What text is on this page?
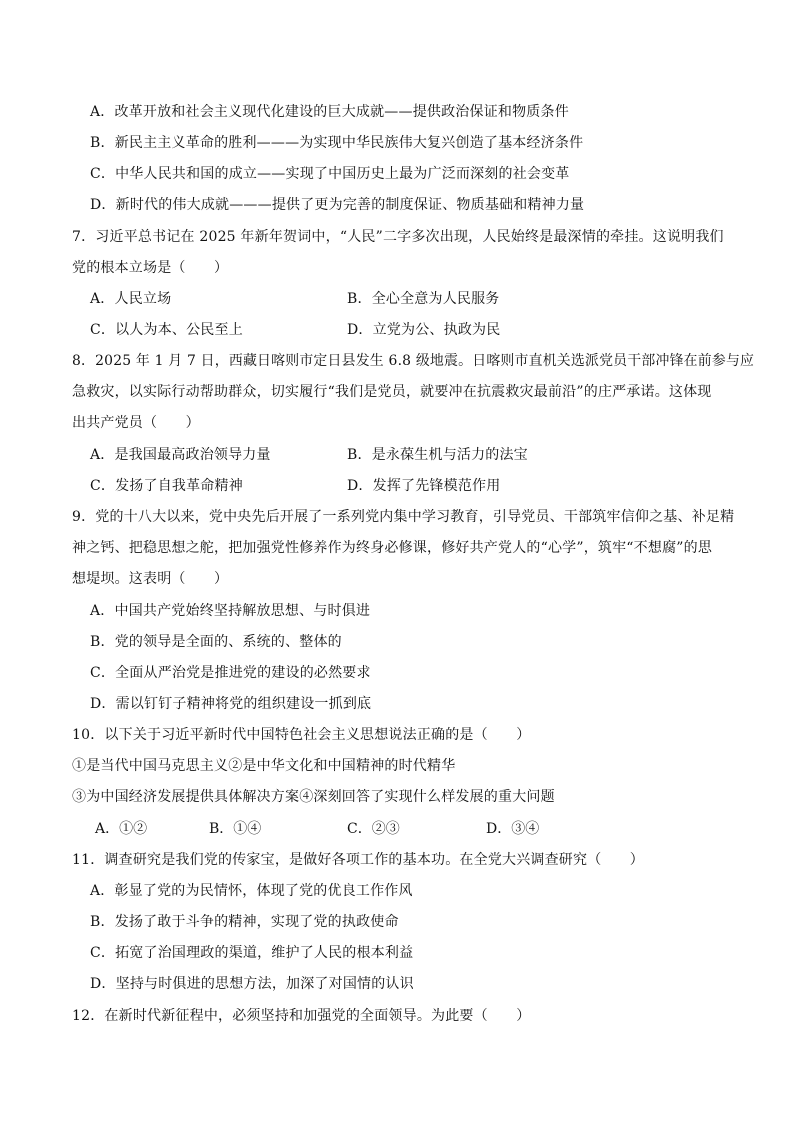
A．改革开放和社会主义现代化建设的巨大成就——提供政治保证和物质条件
B．新民主主义革命的胜利———为实现中华民族伟大复兴创造了基本经济条件
C．中华人民共和国的成立——实现了中国历史上最为广泛而深刻的社会变革
D．新时代的伟大成就———提供了更为完善的制度保证、物质基础和精神力量
7．习近平总书记在 2025 年新年贺词中，“人民”二字多次出现，人民始终是最深情的牵挂。这说明我们
党的根本立场是（　　）
A．人民立场	B．全心全意为人民服务
C．以人为本、公民至上	D．立党为公、执政为民
8．2025 年 1 月 7 日，西藏日喀则市定日县发生 6.8 级地震。日喀则市直机关选派党员干部冲锋在前参与应
急救灾，以实际行动帮助群众，切实履行“我们是党员，就要冲在抗震救灾最前沿”的庄严承诺。这体现
出共产党员（　　）
A．是我国最高政治领导力量	B．是永葆生机与活力的法宝
C．发扬了自我革命精神	D．发挥了先锋模范作用
9．党的十八大以来，党中央先后开展了一系列党内集中学习教育，引导党员、干部筑牢信仰之基、补足精
神之钙、把稳思想之舵，把加强党性修养作为终身必修课，修好共产党人的“心学”，筑牢“不想腐”的思
想堤坝。这表明（　　）
A．中国共产党始终坚持解放思想、与时俱进
B．党的领导是全面的、系统的、整体的
C．全面从严治党是推进党的建设的必然要求
D．需以钉钉子精神将党的组织建设一抓到底
10．以下关于习近平新时代中国特色社会主义思想说法正确的是（　　）
①是当代中国马克思主义②是中华文化和中国精神的时代精华
③为中国经济发展提供具体解决方案④深刻回答了实现什么样发展的重大问题
A．①②	B．①④	C．②③	D．③④
11．调查研究是我们党的传家宝，是做好各项工作的基本功。在全党大兴调查研究（　　）
A．彰显了党的为民情怀，体现了党的优良工作作风
B．发扬了敢于斗争的精神，实现了党的执政使命
C．拓宽了治国理政的渠道，维护了人民的根本利益
D．坚持与时俱进的思想方法，加深了对国情的认识
12．在新时代新征程中，必须坚持和加强党的全面领导。为此要（　　）
